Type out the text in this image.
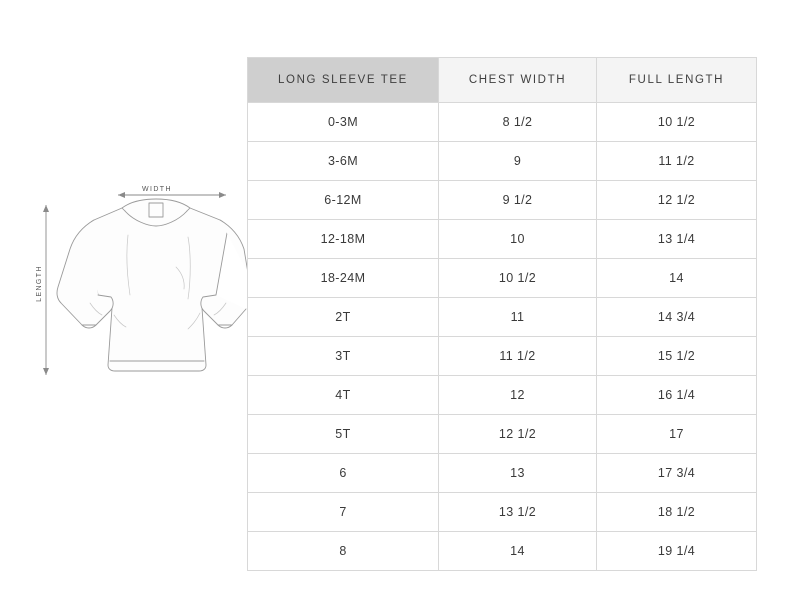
WIDTH
LENGTH
LONG SLEEVE TEE	CHEST WIDTH	FULL LENGTH
0-3M	8 1/2	10 1/2
3-6M	9	11 1/2
6-12M	9 1/2	12 1/2
12-18M	10	13 1/4
18-24M	10 1/2	14
2T	11	14 3/4
3T	11 1/2	15 1/2
4T	12	16 1/4
5T	12 1/2	17
6	13	17 3/4
7	13 1/2	18 1/2
8	14	19 1/4
